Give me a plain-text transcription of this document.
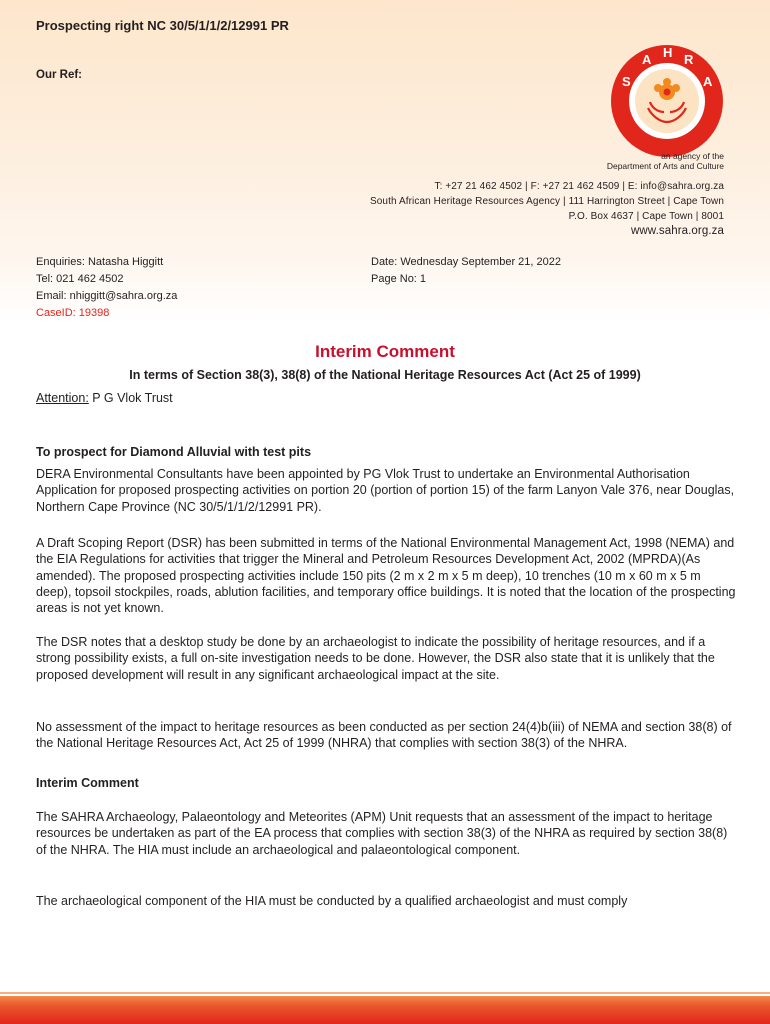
Prospecting right NC 30/5/1/1/2/12991 PR
Our Ref:	S
A H R
A
an agency of the
Department of Arts and Culture
T: +27 21 462 4502 | F: +27 21 462 4509 | E: info@sahra.org.za
South African Heritage Resources Agency | 111 Harrington Street | Cape Town
P.O. Box 4637 | Cape Town | 8001
www.sahra.org.za
Enquiries: Natasha Higgitt
Tel: 021 462 4502
Email: nhiggitt@sahra.org.za
CaseID: 19398
Date: Wednesday September 21, 2022
Page No: 1
Interim Comment
In terms of Section 38(3), 38(8) of the National Heritage Resources Act (Act 25 of 1999)
Attention: P G Vlok Trust
To prospect for Diamond Alluvial with test pits
DERA Environmental Consultants have been appointed by PG Vlok Trust to undertake an Environmental Authorisation Application for proposed prospecting activities on portion 20 (portion of portion 15) of the farm Lanyon Vale 376, near Douglas, Northern Cape Province (NC 30/5/1/1/2/12991 PR).
A Draft Scoping Report (DSR) has been submitted in terms of the National Environmental Management Act, 1998 (NEMA) and the EIA Regulations for activities that trigger the Mineral and Petroleum Resources Development Act, 2002 (MPRDA)(As amended). The proposed prospecting activities include 150 pits (2 m x 2 m x 5 m deep), 10 trenches (10 m x 60 m x 5 m deep), topsoil stockpiles, roads, ablution facilities, and temporary office buildings. It is noted that the location of the prospecting areas is not yet known.
The DSR notes that a desktop study be done by an archaeologist to indicate the possibility of heritage resources, and if a strong possibility exists, a full on-site investigation needs to be done. However, the DSR also state that it is unlikely that the proposed development will result in any significant archaeological impact at the site.
No assessment of the impact to heritage resources as been conducted as per section 24(4)b(iii) of NEMA and section 38(8) of the National Heritage Resources Act, Act 25 of 1999 (NHRA) that complies with section 38(3) of the NHRA.
Interim Comment
The SAHRA Archaeology, Palaeontology and Meteorites (APM) Unit requests that an assessment of the impact to heritage resources be undertaken as part of the EA process that complies with section 38(3) of the NHRA as required by section 38(8) of the NHRA. The HIA must include an archaeological and palaeontological component.
The archaeological component of the HIA must be conducted by a qualified archaeologist and must comply
